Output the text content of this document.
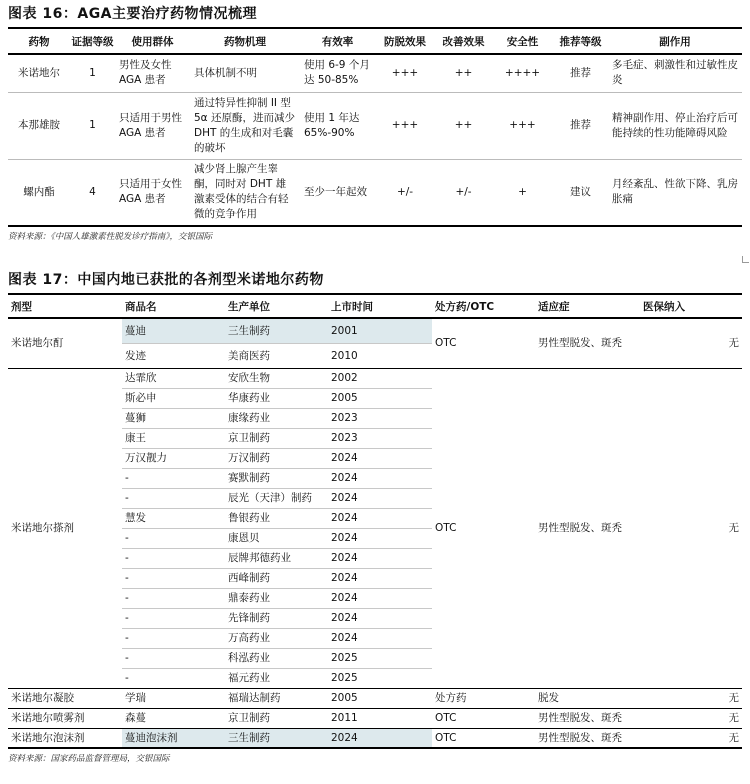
图表 16：AGA主要治疗药物情况梳理
药物	证据等级	使用群体	药物机理	有效率	防脱效果	改善效果	安全性	推荐等级	副作用
米诺地尔	1	男性及女性AGA 患者	具体机制不明	使用 6-9 个月达 50-85%	+++	++	++++	推荐	多毛症、刺激性和过敏性皮炎
本那雄胺	1	只适用于男性 AGA 患者	通过特异性抑制 II 型 5α 还原酶，进而减少 DHT 的生成和对毛囊的破坏	使用 1 年达 65%-90%	+++	++	+++	推荐	精神副作用、停止治疗后可能持续的性功能障碍风险
螺内酯	4	只适用于女性 AGA 患者	减少肾上腺产生睾酮，同时对 DHT 雄激素受体的结合有轻微的竞争作用	至少一年起效	+/-	+/-	+	建议	月经紊乱、性欲下降、乳房胀痛
资料来源：《中国人雄激素性脱发诊疗指南》，交银国际
图表 17：中国内地已获批的各剂型米诺地尔药物
剂型	商品名	生产单位	上市时间	处方药/OTC	适应症	医保纳入
米诺地尔酊	蔓迪	三生制药	2001	OTC	男性型脱发、斑秃	无
	发迹	美商医药	2010			
米诺地尔搽剂	达霏欣	安欣生物	2002	OTC	男性型脱发、斑秃	无
	斯必申	华康药业	2005			
	蔓狮	康缘药业	2023			
	康王	京卫制药	2023			
	万汉靓力	万汉制药	2024			
	-	赛默制药	2024			
	-	辰光（天津）制药	2024			
	慧发	鲁银药业	2024			
	-	康恩贝	2024			
	-	辰牌邦德药业	2024			
	-	西峰制药	2024			
	-	鼎泰药业	2024			
	-	先锋制药	2024			
	-	万高药业	2024			
	-	科泓药业	2025			
	-	福元药业	2025			
米诺地尔凝胶	学瑞	福瑞达制药	2005	处方药	脱发	无
米诺地尔喷雾剂	森蔓	京卫制药	2011	OTC	男性型脱发、斑秃	无
米诺地尔泡沫剂	蔓迪泡沫剂	三生制药	2024	OTC	男性型脱发、斑秃	无
资料来源：国家药品监督管理局，交银国际
